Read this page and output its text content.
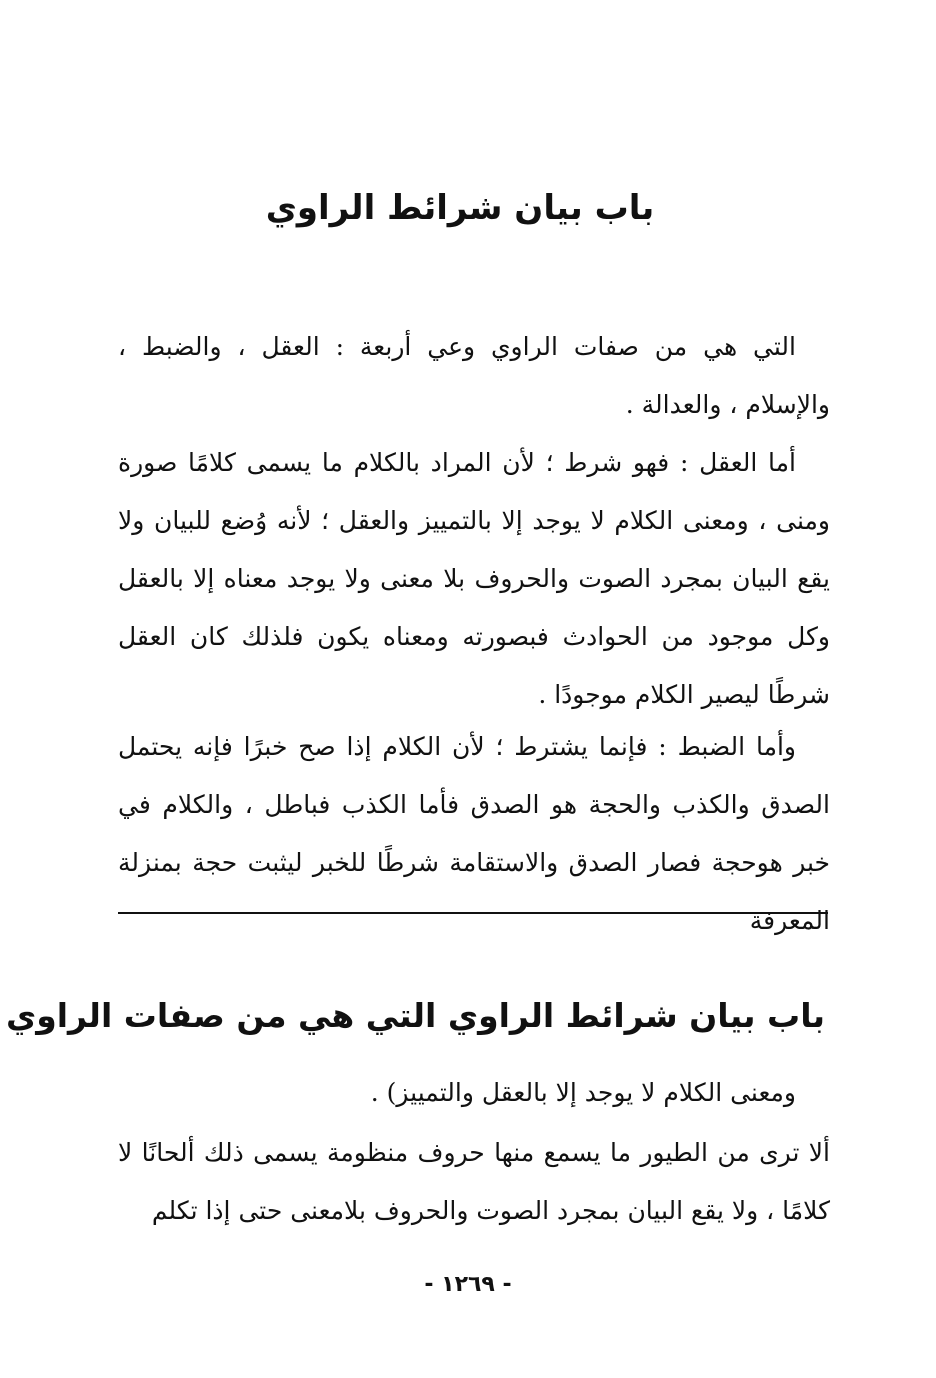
باب بيان شرائط الراوي

التي هي من صفات الراوي وعي أربعة : العقل ، والضبط ، والإسلام ، والعدالة .

أما العقل : فهو شرط ؛ لأن المراد بالكلام ما يسمى كلامًا صورة ومنى ، ومعنى الكلام لا يوجد إلا بالتمييز والعقل ؛ لأنه وُضع للبيان ولا يقع البيان بمجرد الصوت والحروف بلا معنى ولا يوجد معناه إلا بالعقل وكل موجود من الحوادث فبصورته ومعناه يكون فلذلك كان العقل شرطًا ليصير الكلام موجودًا .

وأما الضبط : فإنما يشترط ؛ لأن الكلام إذا صح خبرًا فإنه يحتمل الصدق والكذب والحجة هو الصدق فأما الكذب فباطل ، والكلام في خبر هوحجة فصار الصدق والاستقامة شرطًا للخبر ليثبت حجة بمنزلة المعرفة

باب بيان شرائط الراوي التي هي من صفات الراوي

ومعنى الكلام لا يوجد إلا بالعقل والتمييز) .

ألا ترى من الطيور ما يسمع منها حروف منظومة يسمى ذلك ألحانًا لا كلامًا ، ولا يقع البيان بمجرد الصوت والحروف بلامعنى حتى إذا تكلم

- ١٢٦٩ -
